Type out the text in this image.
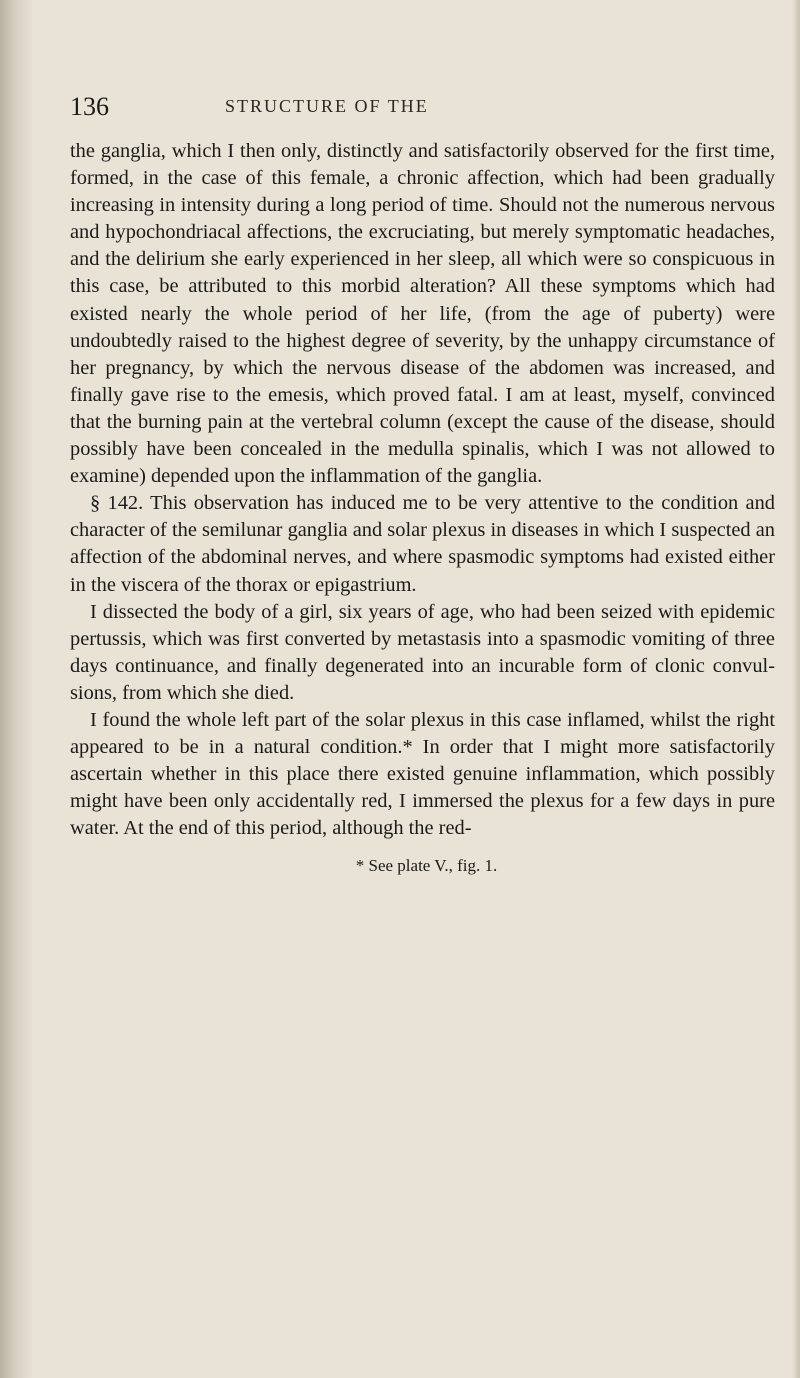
136	STRUCTURE OF THE

the ganglia, which I then only, distinctly and satisfactorily observed for the first time, formed, in the case of this female, a chronic affection, which had been gradually increasing in intensity during a long period of time. Should not the numerous nervous and hypochondriacal affections, the excruciating, but merely symptomatic headaches, and the delirium she early experienced in her sleep, all which were so conspicuous in this case, be attributed to this morbid alteration? All these symptoms which had existed nearly the whole period of her life, (from the age of puberty) were undoubtedly raised to the highest degree of severity, by the unhappy circumstance of her pregnancy, by which the nervous disease of the abdomen was increased, and finally gave rise to the emesis, which proved fatal. I am at least, myself, convinced that the burning pain at the vertebral column (except the cause of the disease, should possibly have been concealed in the medulla spinalis, which I was not allowed to examine) depended upon the inflammation of the ganglia.

§ 142. This observation has induced me to be very attentive to the condition and character of the semilunar ganglia and solar plexus in diseases in which I suspected an affection of the abdominal nerves, and where spasmodic symptoms had existed either in the viscera of the thorax or epigastrium.

I dissected the body of a girl, six years of age, who had been seized with epidemic pertussis, which was first converted by metastasis into a spasmodic vomiting of three days continuance, and finally degenerated into an incurable form of clonic convulsions, from which she died.

I found the whole left part of the solar plexus in this case inflamed, whilst the right appeared to be in a natural condition.* In order that I might more satisfactorily ascertain whether in this place there existed genuine inflammation, which possibly might have been only accidentally red, I immersed the plexus for a few days in pure water. At the end of this period, although the red-

* See plate V., fig. 1.
